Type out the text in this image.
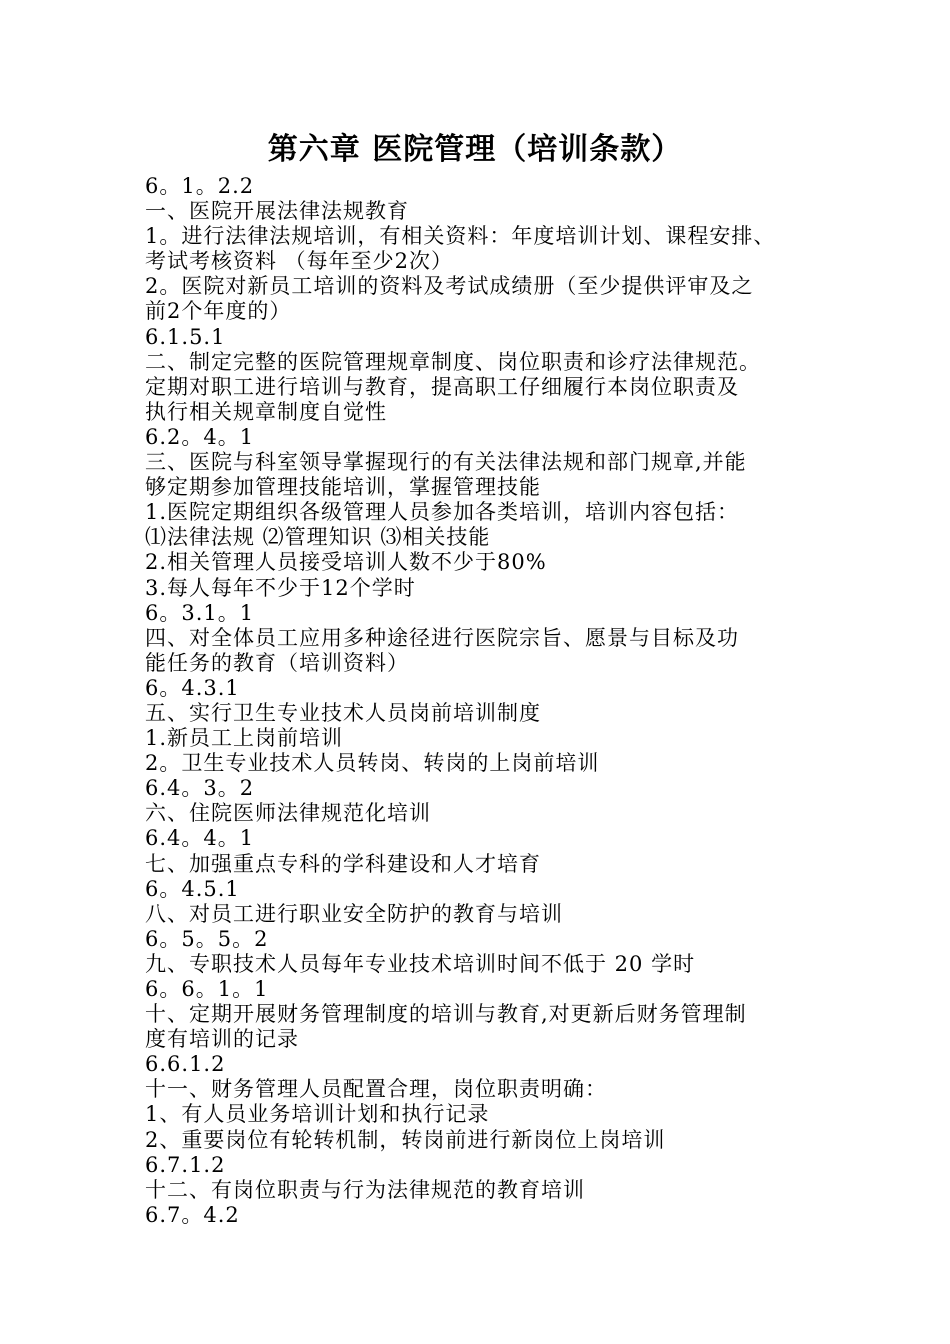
第六章 医院管理（培训条款）
6。1。2.2
一、医院开展法律法规教育
1。进行法律法规培训，有相关资料：年度培训计划、课程安排、
考试考核资料 （每年至少2次）
2。医院对新员工培训的资料及考试成绩册（至少提供评审及之
前2个年度的）
6.1.5.1
二、制定完整的医院管理规章制度、岗位职责和诊疗法律规范。
定期对职工进行培训与教育，提高职工仔细履行本岗位职责及
执行相关规章制度自觉性
6.2。4。1
三、医院与科室领导掌握现行的有关法律法规和部门规章,并能
够定期参加管理技能培训，掌握管理技能
1.医院定期组织各级管理人员参加各类培训，培训内容包括：
⑴法律法规 ⑵管理知识 ⑶相关技能
2.相关管理人员接受培训人数不少于80%
3.每人每年不少于12个学时
6。3.1。1
四、对全体员工应用多种途径进行医院宗旨、愿景与目标及功
能任务的教育（培训资料）
6。4.3.1
五、实行卫生专业技术人员岗前培训制度
1.新员工上岗前培训
2。卫生专业技术人员转岗、转岗的上岗前培训
6.4。3。2
六、住院医师法律规范化培训
6.4。4。1
七、加强重点专科的学科建设和人才培育
6。4.5.1
八、对员工进行职业安全防护的教育与培训
6。5。5。2
九、专职技术人员每年专业技术培训时间不低于 20 学时
6。6。1。1
十、定期开展财务管理制度的培训与教育,对更新后财务管理制
度有培训的记录
6.6.1.2
十一、财务管理人员配置合理，岗位职责明确：
1、有人员业务培训计划和执行记录
2、重要岗位有轮转机制，转岗前进行新岗位上岗培训
6.7.1.2
十二、有岗位职责与行为法律规范的教育培训
6.7。4.2
